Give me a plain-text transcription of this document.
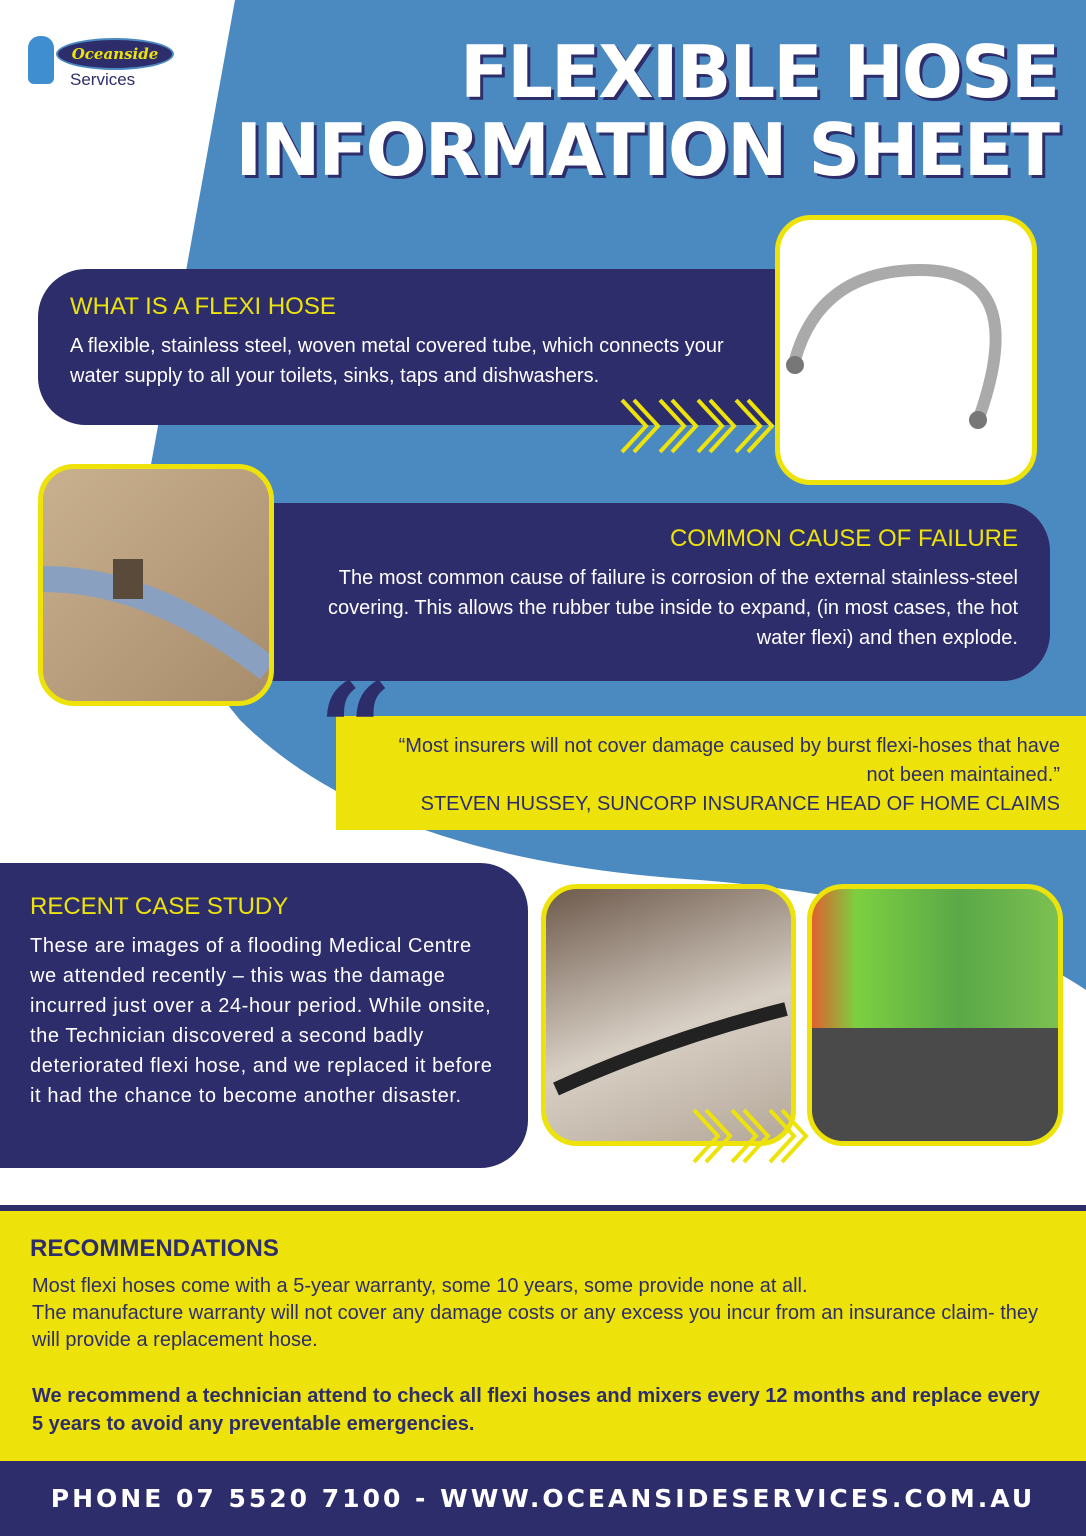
Oceanside
Services	FLEXIBLE HOSE
INFORMATION SHEET
WHAT IS A FLEXI HOSE
A flexible, stainless steel, woven metal covered tube, which connects your water supply to all your toilets, sinks, taps and dishwashers.
COMMON CAUSE OF FAILURE
The most common cause of failure is corrosion of the external stainless-steel covering. This allows the rubber tube inside to expand, (in most cases, the hot water flexi) and then explode.
“Most insurers will not cover damage caused by burst flexi-hoses that have not been maintained.”
STEVEN HUSSEY, SUNCORP INSURANCE HEAD OF HOME CLAIMS
“
RECENT CASE STUDY
These are images of a flooding Medical Centre we attended recently – this was the damage incurred just over a 24-hour period. While onsite, the Technician discovered a second badly deteriorated flexi hose, and we replaced it before it had the chance to become another disaster.
RECOMMENDATIONS
Most flexi hoses come with a 5-year warranty, some 10 years, some provide none at all.
The manufacture warranty will not cover any damage costs or any excess you incur from an insurance claim- they will provide a replacement hose.
We recommend a technician attend to check all flexi hoses and mixers every 12 months and replace every 5 years to avoid any preventable emergencies.
PHONE 07 5520 7100 - WWW.OCEANSIDESERVICES.COM.AU
